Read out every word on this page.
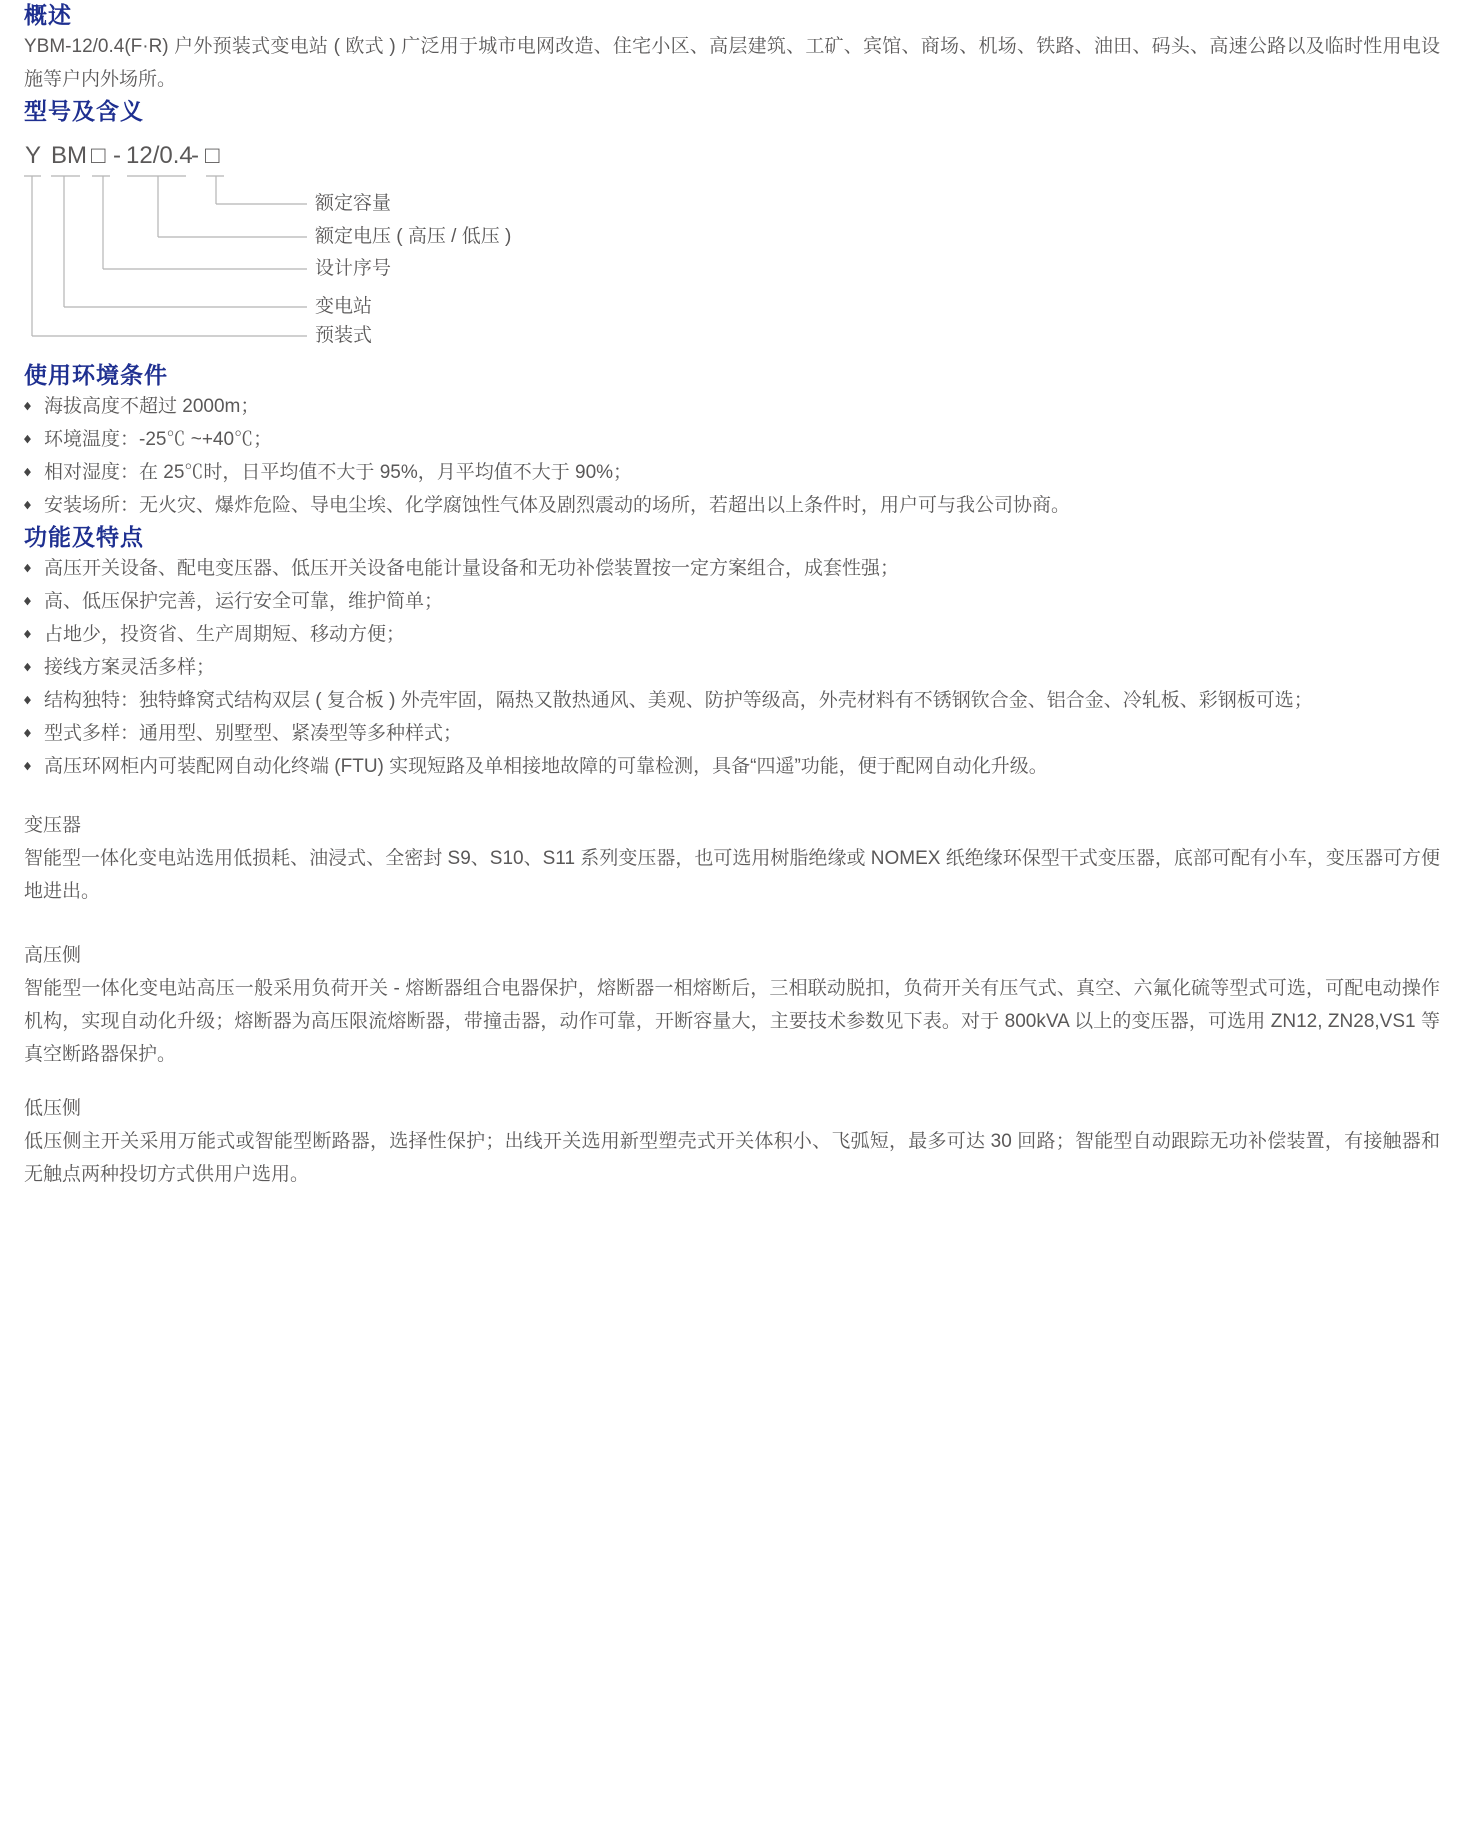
概述

YBM-12/0.4(F·R) 户外预装式变电站 ( 欧式 ) 广泛用于城市电网改造、住宅小区、高层建筑、工矿、宾馆、商场、机场、铁路、油田、码头、高速公路以及临时性用电设施等户内外场所。

型号及含义
Y BM □ - 12/0.4
- □
额定容量
额定电压 ( 高压 / 低压 )
设计序号
变电站
预装式
使用环境条件
◆ 海拔高度不超过 2000m；
◆ 环境温度：-25℃ ~+40℃；
◆ 相对湿度：在 25℃时，日平均值不大于 95%，月平均值不大于 90%；
◆ 安装场所：无火灾、爆炸危险、导电尘埃、化学腐蚀性气体及剧烈震动的场所，若超出以上条件时，用户可与我公司协商。
功能及特点
◆ 高压开关设备、配电变压器、低压开关设备电能计量设备和无功补偿装置按一定方案组合，成套性强；
◆ 高、低压保护完善，运行安全可靠，维护简单；
◆ 占地少，投资省、生产周期短、移动方便；
◆ 接线方案灵活多样；
◆ 结构独特：独特蜂窝式结构双层 ( 复合板 ) 外壳牢固，隔热又散热通风、美观、防护等级高，外壳材料有不锈钢钦合金、铝合金、冷轧板、彩钢板可选；
◆ 型式多样：通用型、别墅型、紧凑型等多种样式；
◆ 高压环网柜内可装配网自动化终端 (FTU) 实现短路及单相接地故障的可靠检测，具备“四遥”功能，便于配网自动化升级。

变压器

智能型一体化变电站选用低损耗、油浸式、全密封 S9、S10、S11 系列变压器，也可选用树脂绝缘或 NOMEX 纸绝缘环保型干式变压器，底部可配有小车，变压器可方便地进出。

高压侧

智能型一体化变电站高压一般采用负荷开关 - 熔断器组合电器保护，熔断器一相熔断后，三相联动脱扣，负荷开关有压气式、真空、六氟化硫等型式可选，可配电动操作机构，实现自动化升级；熔断器为高压限流熔断器，带撞击器，动作可靠，开断容量大，主要技术参数见下表。对于 800kVA 以上的变压器，可选用 ZN12, ZN28,VS1 等真空断路器保护。

低压侧

低压侧主开关采用万能式或智能型断路器，选择性保护；出线开关选用新型塑壳式开关体积小、飞弧短，最多可达 30 回路；智能型自动跟踪无功补偿装置，有接触器和无触点两种投切方式供用户选用。
